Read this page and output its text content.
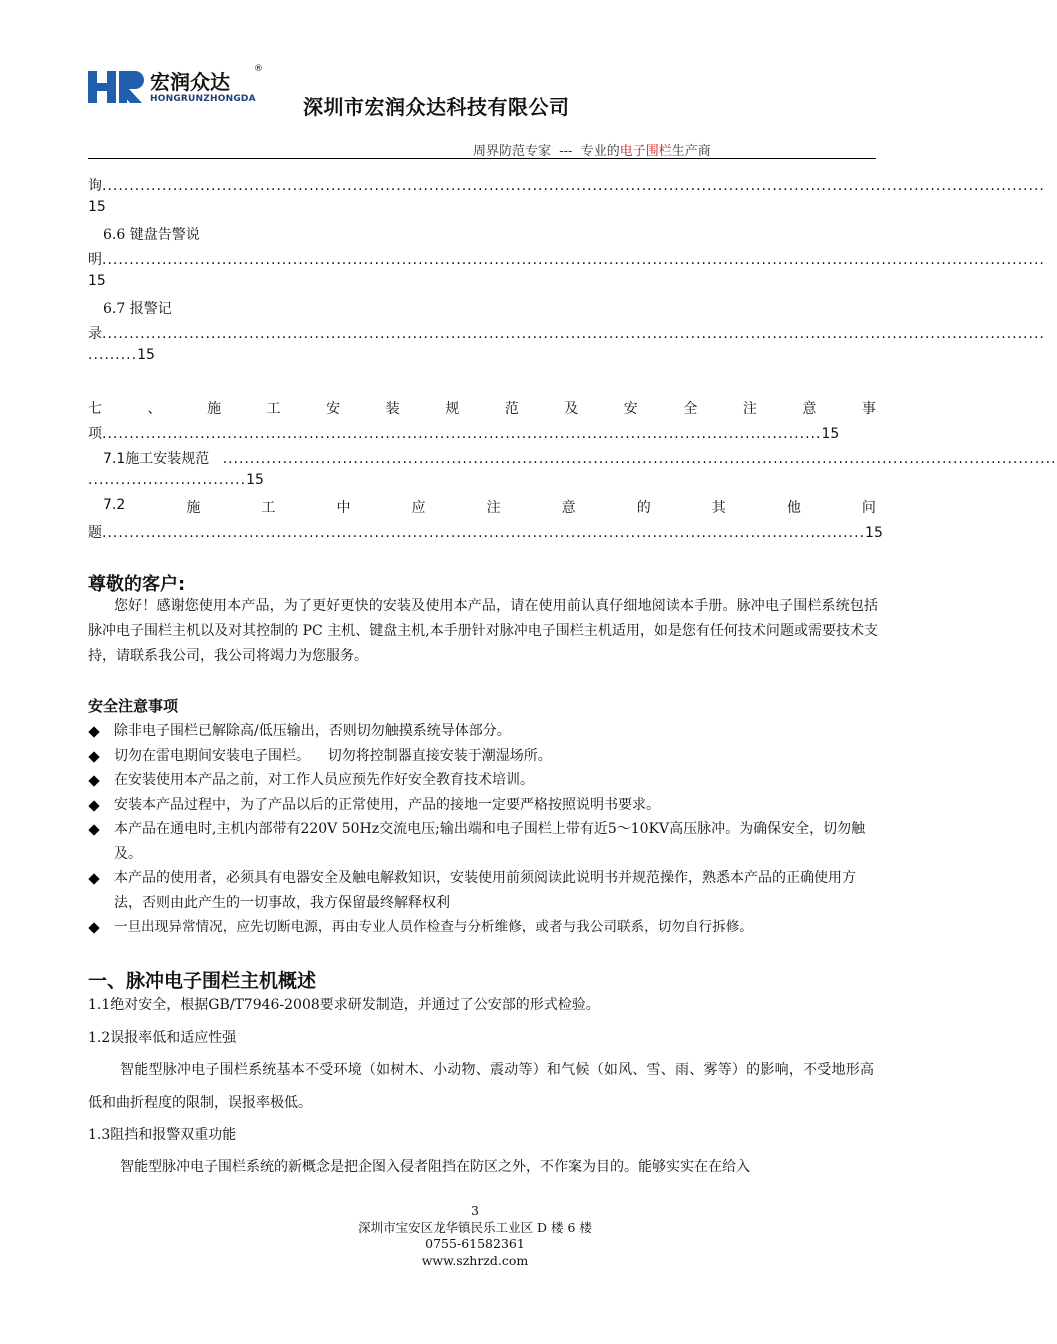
宏润众达
®
HONGRUNZHONGDA 深圳市宏润众达科技有限公司
周界防范专家  ---  专业的电子围栏生产商
询.............................................................................................................................................................................
15
6.6 键盘告警说
明.............................................................................................................................................................................
15
6.7 报警记
录.............................................................................................................................................................................
.........15
七	、	施	工	安	装	规	范	及	安	全	注	意	事
项....................................................................................................................................15
7.1施工安装规范 .........................................................................................................................................................
.............................15
7.2	施	工	中	应	注	意	的	其	他	问
题............................................................................................................................................15
尊敬的客户:
您好！感谢您使用本产品，为了更好更快的安装及使用本产品，请在使用前认真仔细地阅读本手册。脉冲电子围栏系统包括脉冲电子围栏主机以及对其控制的 PC 主机、键盘主机,本手册针对脉冲电子围栏主机适用，如是您有任何技术问题或需要技术支持，请联系我公司，我公司将竭力为您服务。
安全注意事项
除非电子围栏已解除高/低压输出，否则切勿触摸系统导体部分。
切勿在雷电期间安装电子围栏。    切勿将控制器直接安装于潮湿场所。
在安装使用本产品之前，对工作人员应预先作好安全教育技术培训。
安装本产品过程中，为了产品以后的正常使用，产品的接地一定要严格按照说明书要求。
本产品在通电时,主机内部带有220V 50Hz交流电压;输出端和电子围栏上带有近5～10KV高压脉冲。为确保安全，切勿触及。
本产品的使用者，必须具有电器安全及触电解救知识，安装使用前须阅读此说明书并规范操作，熟悉本产品的正确使用方法，否则由此产生的一切事故，我方保留最终解释权利
一旦出现异常情况，应先切断电源，再由专业人员作检查与分析维修，或者与我公司联系，切勿自行拆修。
一、脉冲电子围栏主机概述
1.1绝对安全，根据GB/T7946-2008要求研发制造，并通过了公安部的形式检验。
1.2误报率低和适应性强
智能型脉冲电子围栏系统基本不受环境（如树木、小动物、震动等）和气候（如风、雪、雨、雾等）的影响，不受地形高低和曲折程度的限制，误报率极低。
1.3阻挡和报警双重功能
智能型脉冲电子围栏系统的新概念是把企图入侵者阻挡在防区之外，不作案为目的。能够实实在在给入
3
深圳市宝安区龙华镇民乐工业区 D 楼 6 楼
0755-61582361
www.szhrzd.com
